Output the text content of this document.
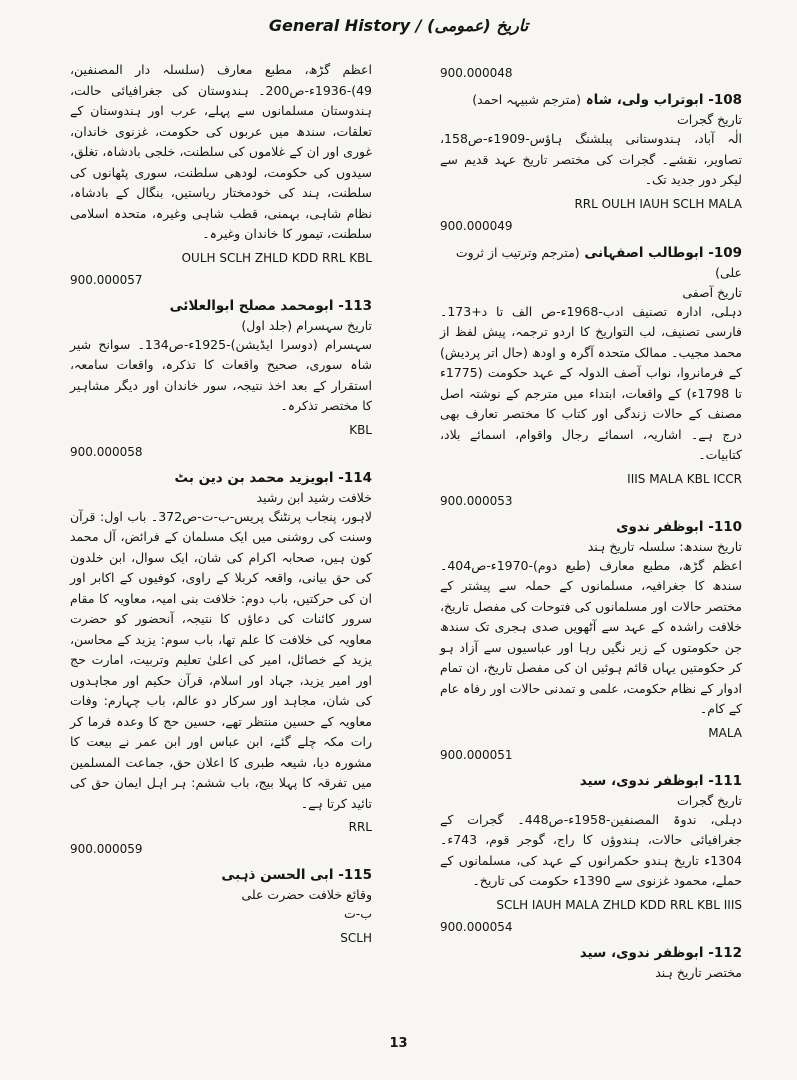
General History / (عمومی) تاریخ
اعظم گڑھ، مطبع معارف (سلسلہ دار المصنفین، 49)-1936ء-ص200۔ ہندوستان کی جغرافیائی حالت، ہندوستان مسلمانوں سے پہلے، عرب اور ہندوستان کے تعلقات، سندھ میں عربوں کی حکومت، غزنوی خاندان، غوری اور ان کے غلاموں کی سلطنت، خلجی بادشاہ، تغلق، سیدوں کی حکومت، لودھی سلطنت، سوری پٹھانوں کی سلطنت، ہند کی خودمختار ریاستیں، بنگال کے بادشاہ، نظام شاہی، بہمنی، قطب شاہی وغیرہ، متحدہ اسلامی سلطنت، تیمور کا خاندان وغیرہ۔
OULH SCLH ZHLD KDD RRL KBL
900.000057
113- ابومحمد مصلح ابوالعلائی
تاریخ سہسرام (جلد اول)
سہسرام (دوسرا ایڈیشن)-1925ء-ص134۔ سوانح شیر شاہ سوری، صحیح واقعات کا تذکرہ، واقعات سامعہ، استقرار کے بعد اخذ نتیجہ، سور خاندان اور دیگر مشاہیر کا مختصر تذکرہ۔
KBL
900.000058
114- ابویزید محمد بن دین بٹ
خلافت رشید ابن رشید
لاہور، پنجاب پرنٹنگ پریس-ب-ت-ص372۔ باب اول: قرآن وسنت کی روشنی میں ایک مسلمان کے فرائض، آل محمد کون ہیں، صحابہ اکرام کی شان، ایک سوال، ابن خلدون کی حق بیانی، واقعہ کربلا کے راوی، کوفیوں کے اکابر اور ان کی حرکتیں، باب دوم: خلافت بنی امیہ، معاویہ کا مقام سرور کائنات کی دعاؤں کا نتیجہ، آنحضور کو حضرت معاویہ کی خلافت کا علم تھا، باب سوم: یزید کے محاسن، یزید کے خصائل، امیر کی اعلیٰ تعلیم وتربیت، امارت حج اور امیر یزید، جہاد اور اسلام، قرآن حکیم اور مجاہدوں کی شان، مجاہد اور سرکار دو عالم، باب چہارم: وفات معاویہ کے حسین منتظر تھے، حسین حج کا وعدہ فرما کر رات مکہ چلے گئے، ابن عباس اور ابن عمر نے بیعت کا مشورہ دیا، شیعہ طبری کا اعلان حق، جماعت المسلمین میں تفرقہ کا پہلا بیج، باب ششم: ہر اہل ایمان حق کی تائید کرتا ہے۔
RRL
900.000059
115- ابی الحسن ذہبی
وقائع خلافت حضرت علی
ب-ت
SCLH
900.000048
108- ابوتراب ولی، شاہ (مترجم شبیہہ احمد)
تاریخ گجرات
الٰہ آباد، ہندوستانی پبلشنگ ہاؤس-1909ء-ص158، تصاویر، نقشے۔ گجرات کی مختصر تاریخ عہد قدیم سے لیکر دور جدید تک۔
RRL OULH IAUH SCLH MALA
900.000049
109- ابوطالب اصفہانی (مترجم وترتیب از ثروت علی)
تاریخ آصفی
دہلی، ادارہ تصنیف ادب-1968ء-ص الف تا د+173۔ فارسی تصنیف، لب التواریخ کا اردو ترجمہ، پیش لفظ از محمد مجیب۔ ممالک متحدہ آگرہ و اودھ (حال اتر پردیش) کے فرمانروا، نواب آصف الدولہ کے عہد حکومت (1775ء تا 1798ء) کے واقعات، ابتداء میں مترجم کے نوشتہ اصل مصنف کے حالات زندگی اور کتاب کا مختصر تعارف بھی درج ہے۔ اشاریہ، اسمائے رجال واقوام، اسمائے بلاد، کتابیات۔
IIIS MALA KBL ICCR
900.000053
110- ابوظفر ندوی
تاریخ سندھ: سلسلہ تاریخ ہند
اعظم گڑھ، مطبع معارف (طبع دوم)-1970ء-ص404۔ سندھ کا جغرافیہ، مسلمانوں کے حملہ سے پیشتر کے مختصر حالات اور مسلمانوں کی فتوحات کی مفصل تاریخ، خلافت راشدہ کے عہد سے آٹھویں صدی ہجری تک سندھ جن حکومتوں کے زیر نگیں رہا اور عباسیوں سے آزاد ہو کر حکومتیں یہاں قائم ہوئیں ان کی مفصل تاریخ، ان تمام ادوار کے نظام حکومت، علمی و تمدنی حالات اور رفاہ عام کے کام۔
MALA
900.000051
111- ابوظفر ندوی، سید
تاریخ گجرات
دہلی، ندوۃ المصنفین-1958ء-ص448۔ گجرات کے جغرافیائی حالات، ہندوؤں کا راج، گوجر قوم، 743ء۔ 1304ء تاریخ ہندو حکمرانوں کے عہد کی، مسلمانوں کے حملے، محمود غزنوی سے 1390ء حکومت کی تاریخ۔
SCLH IAUH MALA ZHLD KDD RRL KBL IIIS
900.000054
112- ابوظفر ندوی، سید
مختصر تاریخ ہند
13
